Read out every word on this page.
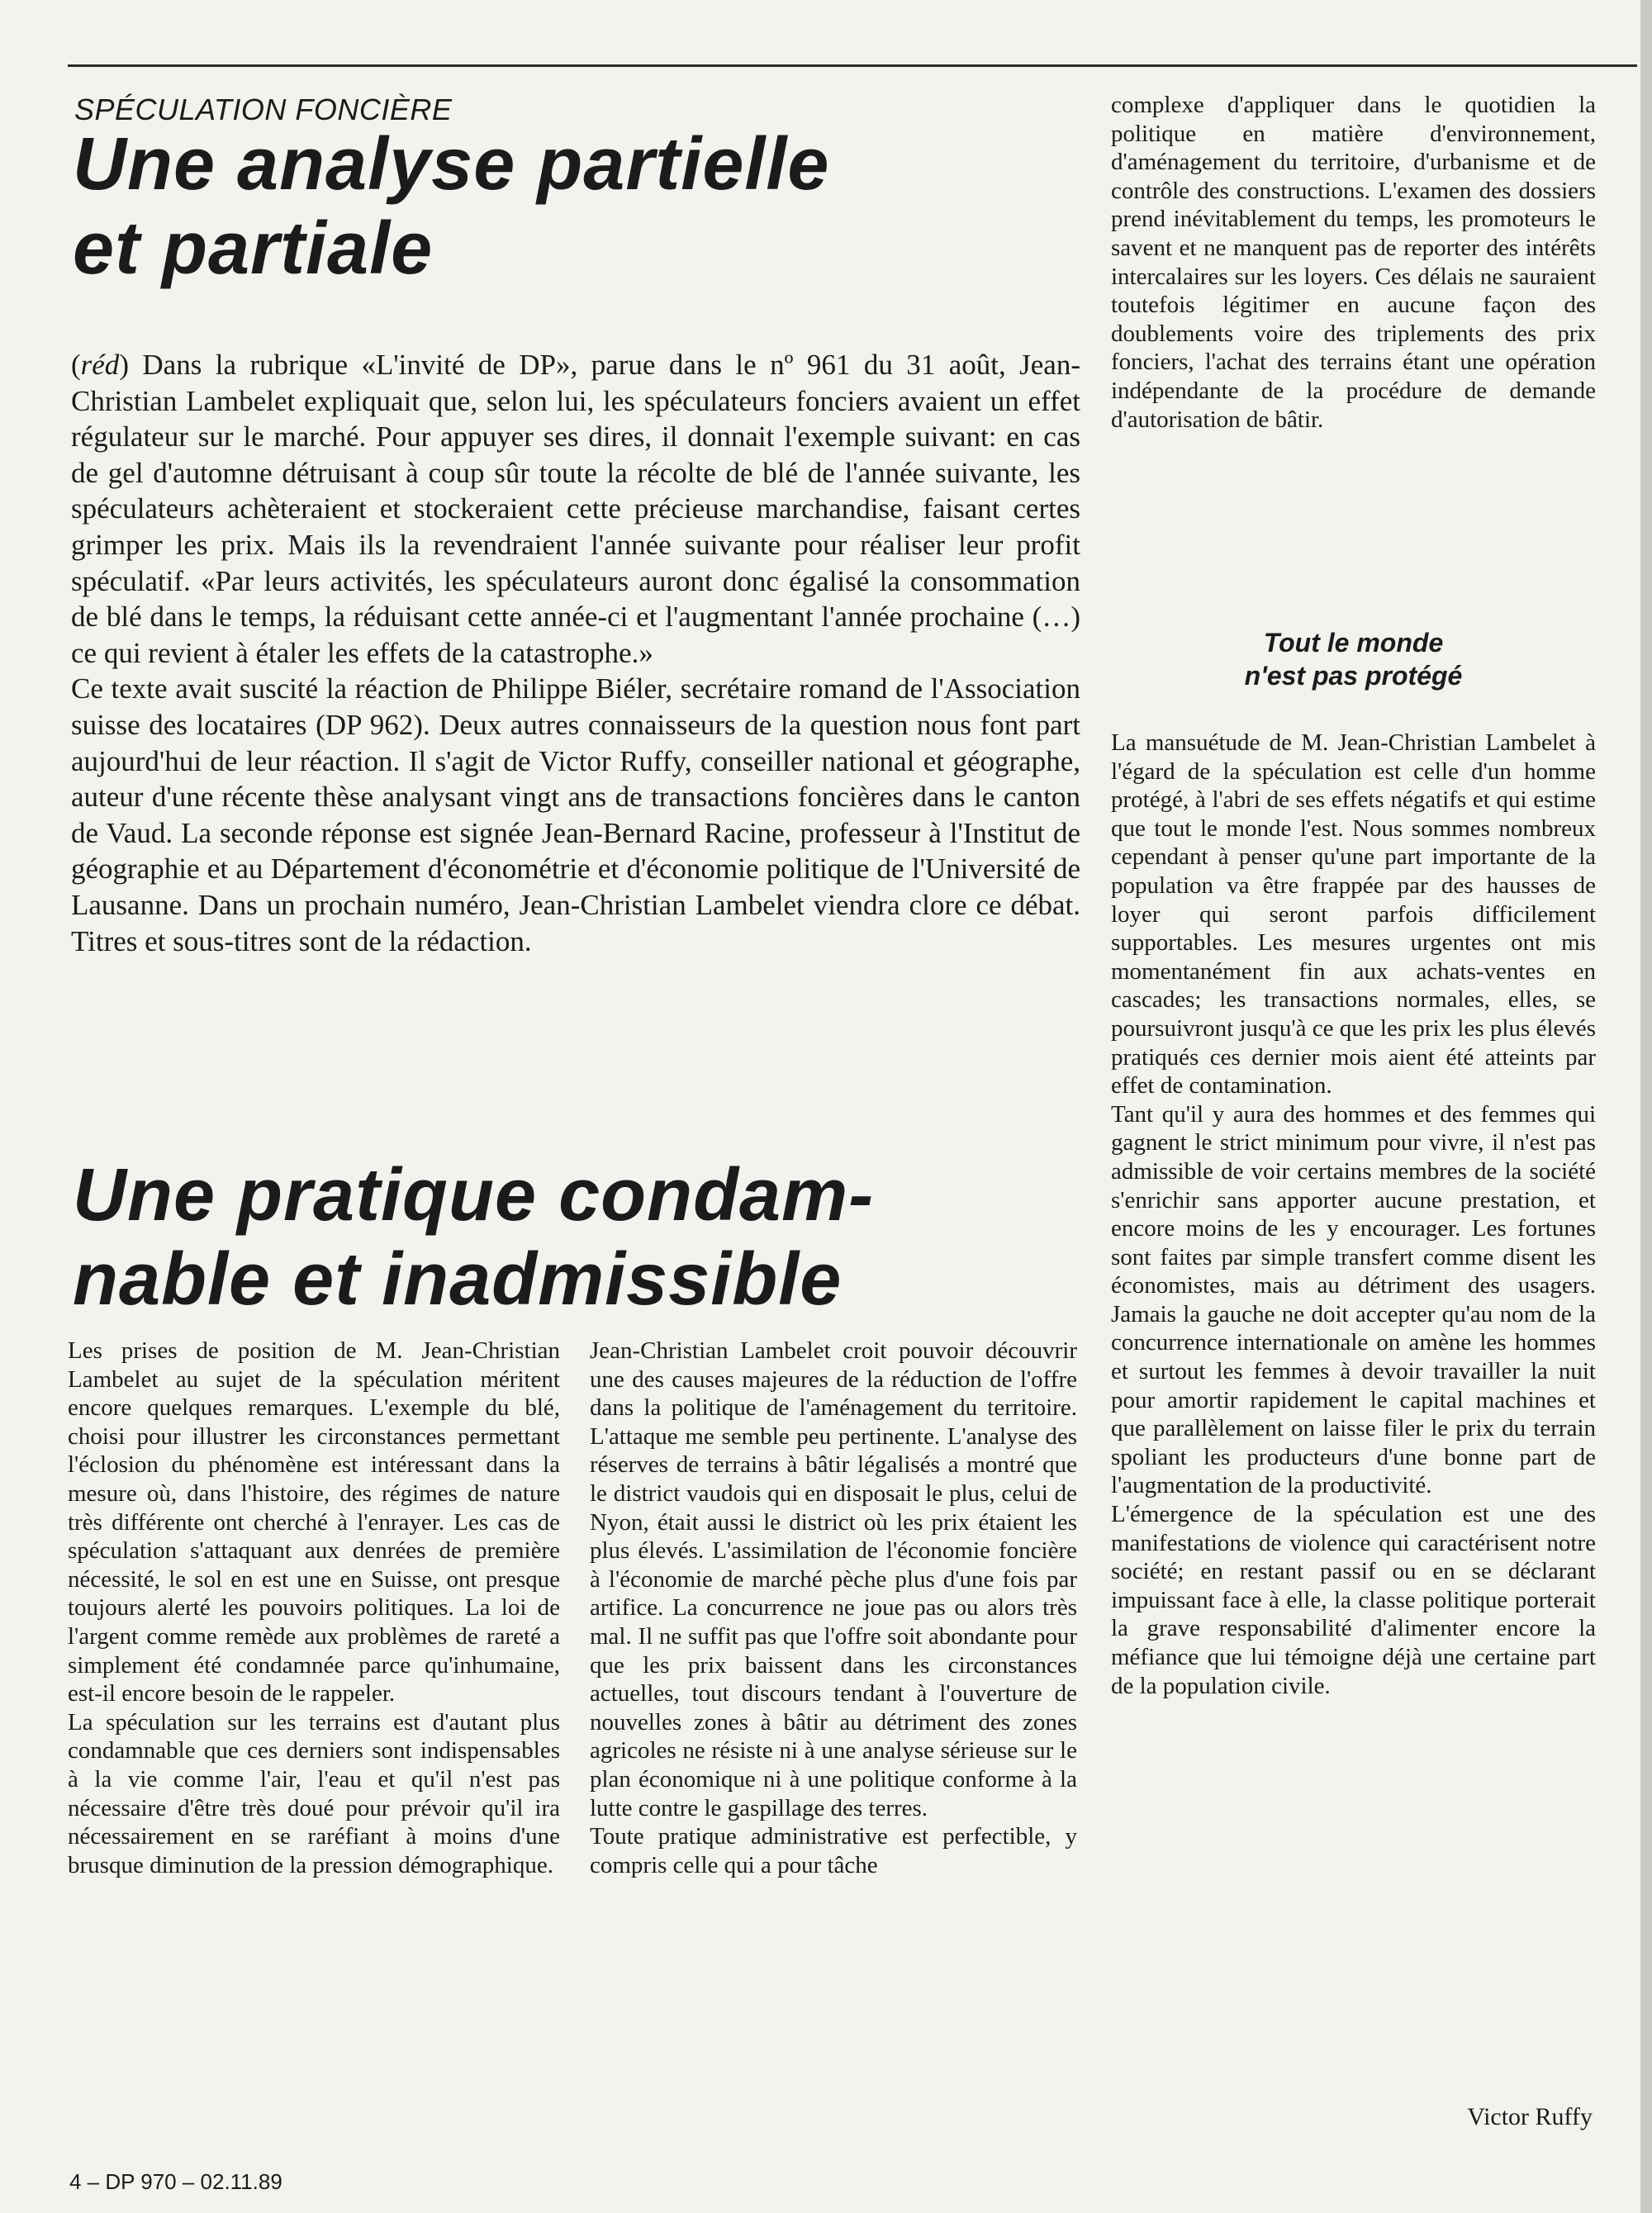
SPÉCULATION FONCIÈRE
Une analyse partielle
et partiale

(réd) Dans la rubrique «L'invité de DP», parue dans le nº 961 du 31 août, Jean-Christian Lambelet expliquait que, selon lui, les spéculateurs fonciers avaient un effet régulateur sur le marché. Pour appuyer ses dires, il donnait l'exemple suivant: en cas de gel d'automne détruisant à coup sûr toute la récolte de blé de l'année suivante, les spéculateurs achèteraient et stockeraient cette précieuse marchandise, faisant certes grimper les prix. Mais ils la revendraient l'année suivante pour réaliser leur profit spéculatif. «Par leurs activités, les spéculateurs auront donc égalisé la consommation de blé dans le temps, la réduisant cette année-ci et l'augmentant l'année prochaine (…) ce qui revient à étaler les effets de la catastrophe.»

Ce texte avait suscité la réaction de Philippe Biéler, secrétaire romand de l'Association suisse des locataires (DP 962). Deux autres connaisseurs de la question nous font part aujourd'hui de leur réaction. Il s'agit de Victor Ruffy, conseiller national et géographe, auteur d'une récente thèse analysant vingt ans de transactions foncières dans le canton de Vaud. La seconde réponse est signée Jean-Bernard Racine, professeur à l'Institut de géographie et au Département d'économétrie et d'économie politique de l'Université de Lausanne. Dans un prochain numéro, Jean-Christian Lambelet viendra clore ce débat. Titres et sous-titres sont de la rédaction.

Une pratique condam-
nable et inadmissible

Les prises de position de M. Jean-Christian Lambelet au sujet de la spéculation méritent encore quelques remarques. L'exemple du blé, choisi pour illustrer les circonstances permettant l'éclosion du phénomène est intéressant dans la mesure où, dans l'histoire, des régimes de nature très différente ont cherché à l'enrayer. Les cas de spéculation s'attaquant aux denrées de première nécessité, le sol en est une en Suisse, ont presque toujours alerté les pouvoirs politiques. La loi de l'argent comme remède aux problèmes de rareté a simplement été condamnée parce qu'inhumaine, est-il encore besoin de le rappeler.

La spéculation sur les terrains est d'autant plus condamnable que ces derniers sont indispensables à la vie comme l'air, l'eau et qu'il n'est pas nécessaire d'être très doué pour prévoir qu'il ira nécessairement en se raréfiant à moins d'une brusque diminution de la pression démographique.

Jean-Christian Lambelet croit pouvoir découvrir une des causes majeures de la réduction de l'offre dans la politique de l'aménagement du territoire. L'attaque me semble peu pertinente. L'analyse des réserves de terrains à bâtir légalisés a montré que le district vaudois qui en disposait le plus, celui de Nyon, était aussi le district où les prix étaient les plus élevés. L'assimilation de l'économie foncière à l'économie de marché pèche plus d'une fois par artifice. La concurrence ne joue pas ou alors très mal. Il ne suffit pas que l'offre soit abondante pour que les prix baissent dans les circonstances actuelles, tout discours tendant à l'ouverture de nouvelles zones à bâtir au détriment des zones agricoles ne résiste ni à une analyse sérieuse sur le plan économique ni à une politique conforme à la lutte contre le gaspillage des terres.

Toute pratique administrative est perfectible, y compris celle qui a pour tâche

complexe d'appliquer dans le quotidien la politique en matière d'environnement, d'aménagement du territoire, d'urbanisme et de contrôle des constructions. L'examen des dossiers prend inévitablement du temps, les promoteurs le savent et ne manquent pas de reporter des intérêts intercalaires sur les loyers. Ces délais ne sauraient toutefois légitimer en aucune façon des doublements voire des triplements des prix fonciers, l'achat des terrains étant une opération indépendante de la procédure de demande d'autorisation de bâtir.

Tout le monde
n'est pas protégé

La mansuétude de M. Jean-Christian Lambelet à l'égard de la spéculation est celle d'un homme protégé, à l'abri de ses effets négatifs et qui estime que tout le monde l'est. Nous sommes nombreux cependant à penser qu'une part importante de la population va être frappée par des hausses de loyer qui seront parfois difficilement supportables. Les mesures urgentes ont mis momentanément fin aux achats-ventes en cascades; les transactions normales, elles, se poursuivront jusqu'à ce que les prix les plus élevés pratiqués ces dernier mois aient été atteints par effet de contamination.

Tant qu'il y aura des hommes et des femmes qui gagnent le strict minimum pour vivre, il n'est pas admissible de voir certains membres de la société s'enrichir sans apporter aucune prestation, et encore moins de les y encourager. Les fortunes sont faites par simple transfert comme disent les économistes, mais au détriment des usagers. Jamais la gauche ne doit accepter qu'au nom de la concurrence internationale on amène les hommes et surtout les femmes à devoir travailler la nuit pour amortir rapidement le capital machines et que parallèlement on laisse filer le prix du terrain spoliant les producteurs d'une bonne part de l'augmentation de la productivité.

L'émergence de la spéculation est une des manifestations de violence qui caractérisent notre société; en restant passif ou en se déclarant impuissant face à elle, la classe politique porterait la grave responsabilité d'alimenter encore la méfiance que lui témoigne déjà une certaine part de la population civile.

Victor Ruffy
4 – DP 970 – 02.11.89
